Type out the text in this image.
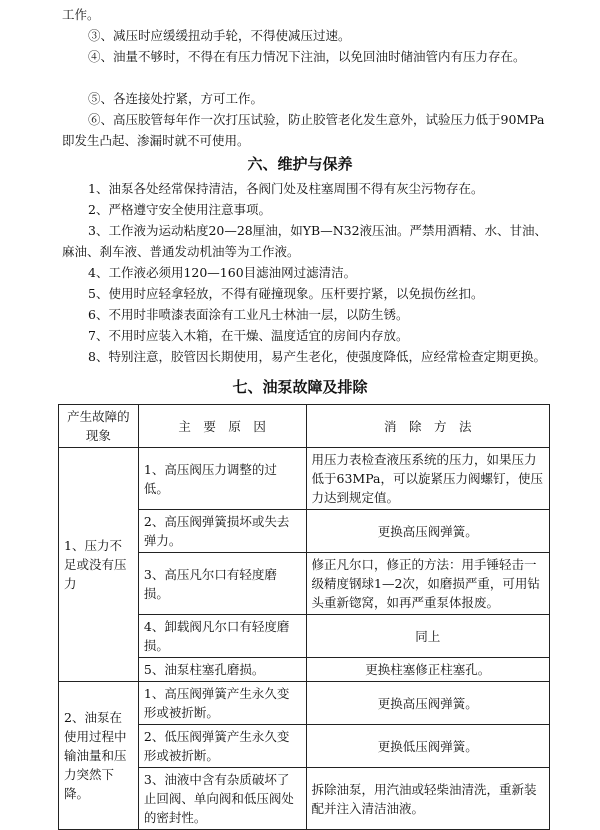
工作。

③、减压时应缓缓扭动手轮，不得使减压过速。

④、油量不够时，不得在有压力情况下注油，以免回油时储油管内有压力存在。

⑤、各连接处拧紧，方可工作。

⑥、高压胶管每年作一次打压试验，防止胶管老化发生意外，试验压力低于90MPa即发生凸起、渗漏时就不可使用。

六、维护与保养

1、油泵各处经常保持清洁，各阀门处及柱塞周围不得有灰尘污物存在。

2、严格遵守安全使用注意事项。

3、工作液为运动粘度20—28厘油，如YB—N32液压油。严禁用酒精、水、甘油、麻油、刹车液、普通发动机油等为工作液。

4、工作液必须用120—160目滤油网过滤清洁。

5、使用时应轻拿轻放，不得有碰撞现象。压杆要拧紧，以免损伤丝扣。

6、不用时非喷漆表面涂有工业凡士林油一层，以防生锈。

7、不用时应装入木箱，在干燥、温度适宜的房间内存放。

8、特别注意，胶管因长期使用，易产生老化，使强度降低，应经常检查定期更换。

七、油泵故障及排除
产生故障的现象	主　要　原　因	消　除　方　法
1、压力不足或没有压力	1、高压阀压力调整的过低。	用压力表检查液压系统的压力，如果压力低于63MPa，可以旋紧压力阀螺钉，使压力达到规定值。
	2、高压阀弹簧损坏或失去弹力。	更换高压阀弹簧。
	3、高压凡尔口有轻度磨损。	修正凡尔口，修正的方法：用手锤轻击一级精度钢球1—2次，如磨损严重，可用钻头重新锪窝，如再严重泵体报废。
	4、卸载阀凡尔口有轻度磨损。	同上
	5、油泵柱塞孔磨损。	更换柱塞修正柱塞孔。
2、油泵在使用过程中输油量和压力突然下降。	1、高压阀弹簧产生永久变形或被折断。	更换高压阀弹簧。
	2、低压阀弹簧产生永久变形或被折断。	更换低压阀弹簧。
	3、油液中含有杂质破坏了止回阀、单向阀和低压阀处的密封性。	拆除油泵，用汽油或轻柴油清洗，重新装配并注入清洁油液。
